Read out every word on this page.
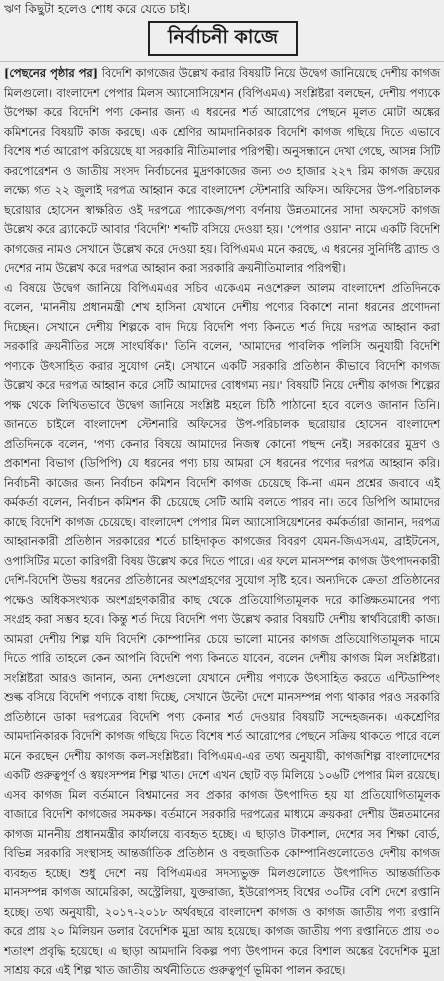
ঋণ কিছুটা হলেও শোধ করে যেতে চাই।
নির্বাচনী কাজে

[পেছনের পৃষ্ঠার পর] বিদেশি কাগজের উল্লেখ করার বিষয়টি নিয়ে উদ্বেগ জানিয়েছে দেশীয় কাগজ মিলগুলো। বাংলাদেশ পেপার মিলস অ্যাসোসিয়েশন (বিপিএমএ) সংশ্লিষ্টরা বলছেন, দেশীয় পণ্যকে উপেক্ষা করে বিদেশি পণ্য কেনার জন্য এ ধরনের শর্ত আরোপের পেছনে মূলত মোটা অঙ্কের কমিশনের বিষয়টি কাজ করছে। এক শ্রেণির আমদানিকারক বিদেশি কাগজ গছিয়ে দিতে এভাবে বিশেষ শর্ত আরোপ করিয়েছে যা সরকারি নীতিমালার পরিপন্থী। অনুসন্ধানে দেখা গেছে, আসন্ন সিটি করপোরেশন ও জাতীয় সংসদ নির্বাচনের মুদ্রণকাজের জন্য ৩৩ হাজার ২২৭ রিম কাগজ ক্রয়ের লক্ষ্যে গত ২২ জুলাই দরপত্র আহ্বান করে বাংলাদেশ স্টেশনারি অফিস। অফিসের উপ-পরিচালক ছরোয়ার হোসেন স্বাক্ষরিত ওই দরপত্রে প্যাকেজ/পণ্য বর্ণনায় উন্নতমানের সাদা অফসেট কাগজ উল্লেখ করে ব্র্যাকেটে আবার 'বিদেশি' শব্দটি বসিয়ে দেওয়া হয়। 'পেপার ওয়ান' নামে একটি বিদেশি কাগজের নামও সেখানে উল্লেখ করে দেওয়া হয়। বিপিএমএ মনে করছে, এ ধরনের সুনির্দিষ্ট ব্র্যান্ড ও দেশের নাম উল্লেখ করে দরপত্র আহ্বান করা সরকারি ক্রয়নীতিমালার পরিপন্থী।

এ বিষয়ে উদ্বেগ জানিয়ে বিপিএমএর সচিব একেএম নওশেরুল আলম বাংলাদেশ প্রতিদিনকে বলেন, 'মাননীয় প্রধানমন্ত্রী শেখ হাসিনা যেখানে দেশীয় পণ্যের বিকাশে নানা ধরনের প্রণোদনা দিচ্ছেন। সেখানে দেশীয় শিল্পকে বাদ দিয়ে বিদেশি পণ্য কিনতে শর্ত দিয়ে দরপত্র আহ্বান করা সরকারি ক্রয়নীতির সঙ্গে সাংঘর্ষিক।' তিনি বলেন, 'আমাদের পাবলিক পলিসি অনুযায়ী বিদেশি পণ্যকে উৎসাহিত করার সুযোগ নেই। সেখানে একটি সরকারি প্রতিষ্ঠান কীভাবে বিদেশি কাগজ উল্লেখ করে দরপত্র আহ্বান করে সেটি আমাদের বোধগম্য নয়।' বিষয়টি নিয়ে দেশীয় কাগজ শিল্পের পক্ষ থেকে লিখিতভাবে উদ্বেগ জানিয়ে সংশ্লিষ্ট মহলে চিঠি পাঠানো হবে বলেও জানান তিনি। জানতে চাইলে বাংলাদেশ স্টেশনারি অফিসের উপ-পরিচালক ছরোয়ার হোসেন বাংলাদেশ প্রতিদিনকে বলেন, 'পণ্য কেনার বিষয়ে আমাদের নিজস্ব কোনো পছন্দ নেই। সরকারের মুদ্রণ ও প্রকাশনা বিভাগ (ডিপিপি) যে ধরনের পণ্য চায় আমরা সে ধরনের পণ্যের দরপত্র আহ্বান করি। নির্বাচনী কাজের জন্য নির্বাচন কমিশন বিদেশি কাগজ চেয়েছে কি-না এমন প্রশ্নের জবাবে এই কর্মকর্তা বলেন, নির্বাচন কমিশন কী চেয়েছে সেটি আমি বলতে পারব না। তবে ডিপিপি আমাদের কাছে বিদেশি কাগজ চেয়েছে। বাংলাদেশ পেপার মিল অ্যাসোসিয়েশনের কর্মকর্তারা জানান, দরপত্র আহ্বানকারী প্রতিষ্ঠান সরকারের শর্তে চাহিদাকৃত কাগজের বিবরণ যেমন-জিএসএম, ব্রাইটনেস, ওপাসিটির মতো কারিগরী বিষয় উল্লেখ করে দিতে পারে। এর ফলে মানসম্পন্ন কাগজ উৎপাদনকারী দেশি-বিদেশি উভয় ধরনের প্রতিষ্ঠানের অংশগ্রহণের সুযোগ সৃষ্টি হবে। অন্যদিকে ক্রেতা প্রতিষ্ঠানের পক্ষেও অধিকসংখ্যক অংশগ্রহণকারীর কাছ থেকে প্রতিযোগিতামূলক দরে কাঙ্ক্ষিতমানের পণ্য সংগ্রহ করা সম্ভব হবে। কিন্তু শর্ত দিয়ে বিদেশি পণ্য উল্লেখ করার বিষয়টি দেশীয় স্বার্থবিরোধী কাজ। আমরা দেশীয় শিল্প যদি বিদেশি কোম্পানির চেয়ে ভালো মানের কাগজ প্রতিযোগিতামূলক দামে দিতে পারি তাহলে কেন আপনি বিদেশি পণ্য কিনতে যাবেন, বলেন দেশীয় কাগজ মিল সংশ্লিষ্টরা। সংশ্লিষ্টরা আরও জানান, অন্য দেশগুলো যেখানে দেশীয় পণ্যকে উৎসাহিত করতে এন্টিডাম্পিং শুল্ক বসিয়ে বিদেশি পণ্যকে বাধা দিচ্ছে, সেখানে উল্টো দেশে মানসম্পন্ন পণ্য থাকার পরও সরকারি প্রতিষ্ঠানে ডাকা দরপত্রের বিদেশি পণ্য কেনার শর্ত দেওয়ার বিষয়টি সন্দেহজনক। একশ্রেণির আমদানিকারক বিদেশি কাগজ গছিয়ে দিতে বিশেষ শর্ত আরোপের পেছনে সক্রিয় থাকতে পারে বলে মনে করছেন দেশীয় কাগজ কল-সংশ্লিষ্টরা। বিপিএমএ-এর তথ্য অনুযায়ী, কাগজশিল্প বাংলাদেশের একটি গুরুত্বপূর্ণ ও স্বয়ংসম্পন্ন শিল্প খাত। দেশে এখন ছোট বড় মিলিয়ে ১০৬টি পেপার মিল রয়েছে। এসব কাগজ মিল বর্তমানে বিশ্বমানের সব প্রকার কাগজ উৎপাদিত হয় যা প্রতিযোগিতামূলক বাজারে বিদেশি কাগজের সমকক্ষ। বর্তমানে সরকারি দরপত্রের মাধ্যমে ক্রয়করা দেশীয় উন্নতমানের কাগজ মাননীয় প্রধানমন্ত্রীর কার্যালয়ে ব্যবহৃত হচ্ছে। এ ছাড়াও টাকশাল, দেশের সব শিক্ষা বোর্ড, বিভিন্ন সরকারি সংস্থাসহ আন্তর্জাতিক প্রতিষ্ঠান ও বহুজাতিক কোম্পানিগুলোতেও দেশীয় কাগজ ব্যবহৃত হচ্ছে। শুধু দেশে নয় বিপিএমএর সদস্যভুক্ত মিলগুলোতে উৎপাদিত আন্তর্জাতিক মানসম্পন্ন কাগজ আমেরিকা, অস্ট্রেলিয়া, যুক্তরাজ্য, ইউরোপসহ বিশ্বের ৩০টির বেশি দেশে রপ্তানি হচ্ছে। তথ্য অনুযায়ী, ২০১৭-২০১৮ অর্থবছরে বাংলাদেশ কাগজ ও কাগজ জাতীয় পণ্য রপ্তানি করে প্রায় ২০ মিলিয়ন ডলার বৈদেশিক মুদ্রা আয় হয়েছে। কাগজ জাতীয় পণ্য রপ্তানিতে প্রায় ৩০ শতাংশ প্রবৃদ্ধি হয়েছে। এ ছাড়া আমদানি বিকল্প পণ্য উৎপাদন করে বিশাল অঙ্কের বৈদেশিক মুদ্রা সাশ্রয় করে এই শিল্প খাত জাতীয় অর্থনীতিতে গুরুত্বপূর্ণ ভূমিকা পালন করছে।
